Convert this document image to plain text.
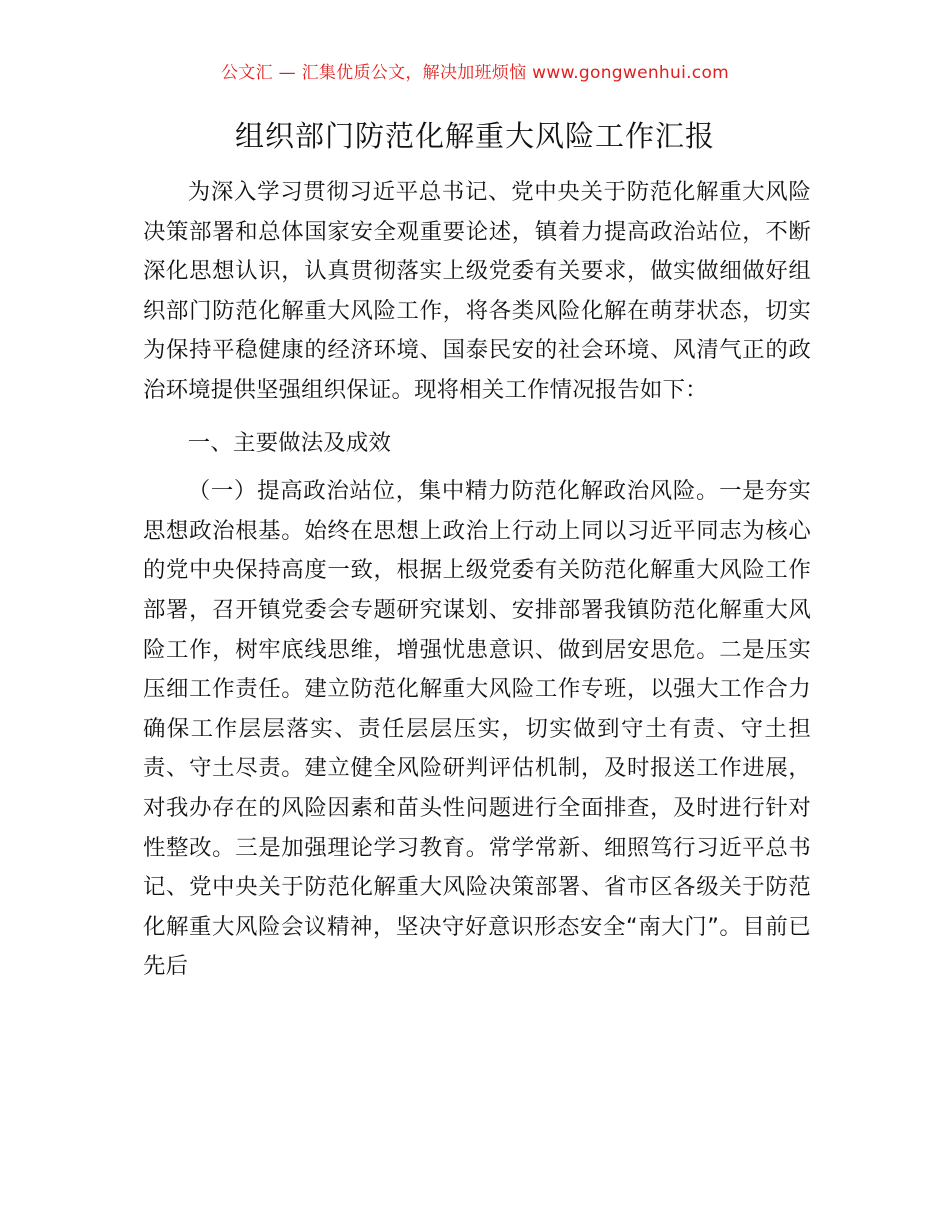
公文汇 — 汇集优质公文，解决加班烦恼 www.gongwenhui.com
组织部门防范化解重大风险工作汇报

为深入学习贯彻习近平总书记、党中央关于防范化解重大风险决策部署和总体国家安全观重要论述，镇着力提高政治站位，不断深化思想认识，认真贯彻落实上级党委有关要求，做实做细做好组织部门防范化解重大风险工作，将各类风险化解在萌芽状态，切实为保持平稳健康的经济环境、国泰民安的社会环境、风清气正的政治环境提供坚强组织保证。现将相关工作情况报告如下：

一、主要做法及成效

（一）提高政治站位，集中精力防范化解政治风险。一是夯实思想政治根基。始终在思想上政治上行动上同以习近平同志为核心的党中央保持高度一致，根据上级党委有关防范化解重大风险工作部署，召开镇党委会专题研究谋划、安排部署我镇防范化解重大风险工作，树牢底线思维，增强忧患意识、做到居安思危。二是压实压细工作责任。建立防范化解重大风险工作专班，以强大工作合力确保工作层层落实、责任层层压实，切实做到守土有责、守土担责、守土尽责。建立健全风险研判评估机制，及时报送工作进展，对我办存在的风险因素和苗头性问题进行全面排查，及时进行针对性整改。三是加强理论学习教育。常学常新、细照笃行习近平总书记、党中央关于防范化解重大风险决策部署、省市区各级关于防范化解重大风险会议精神，坚决守好意识形态安全“南大门”。目前已先后
